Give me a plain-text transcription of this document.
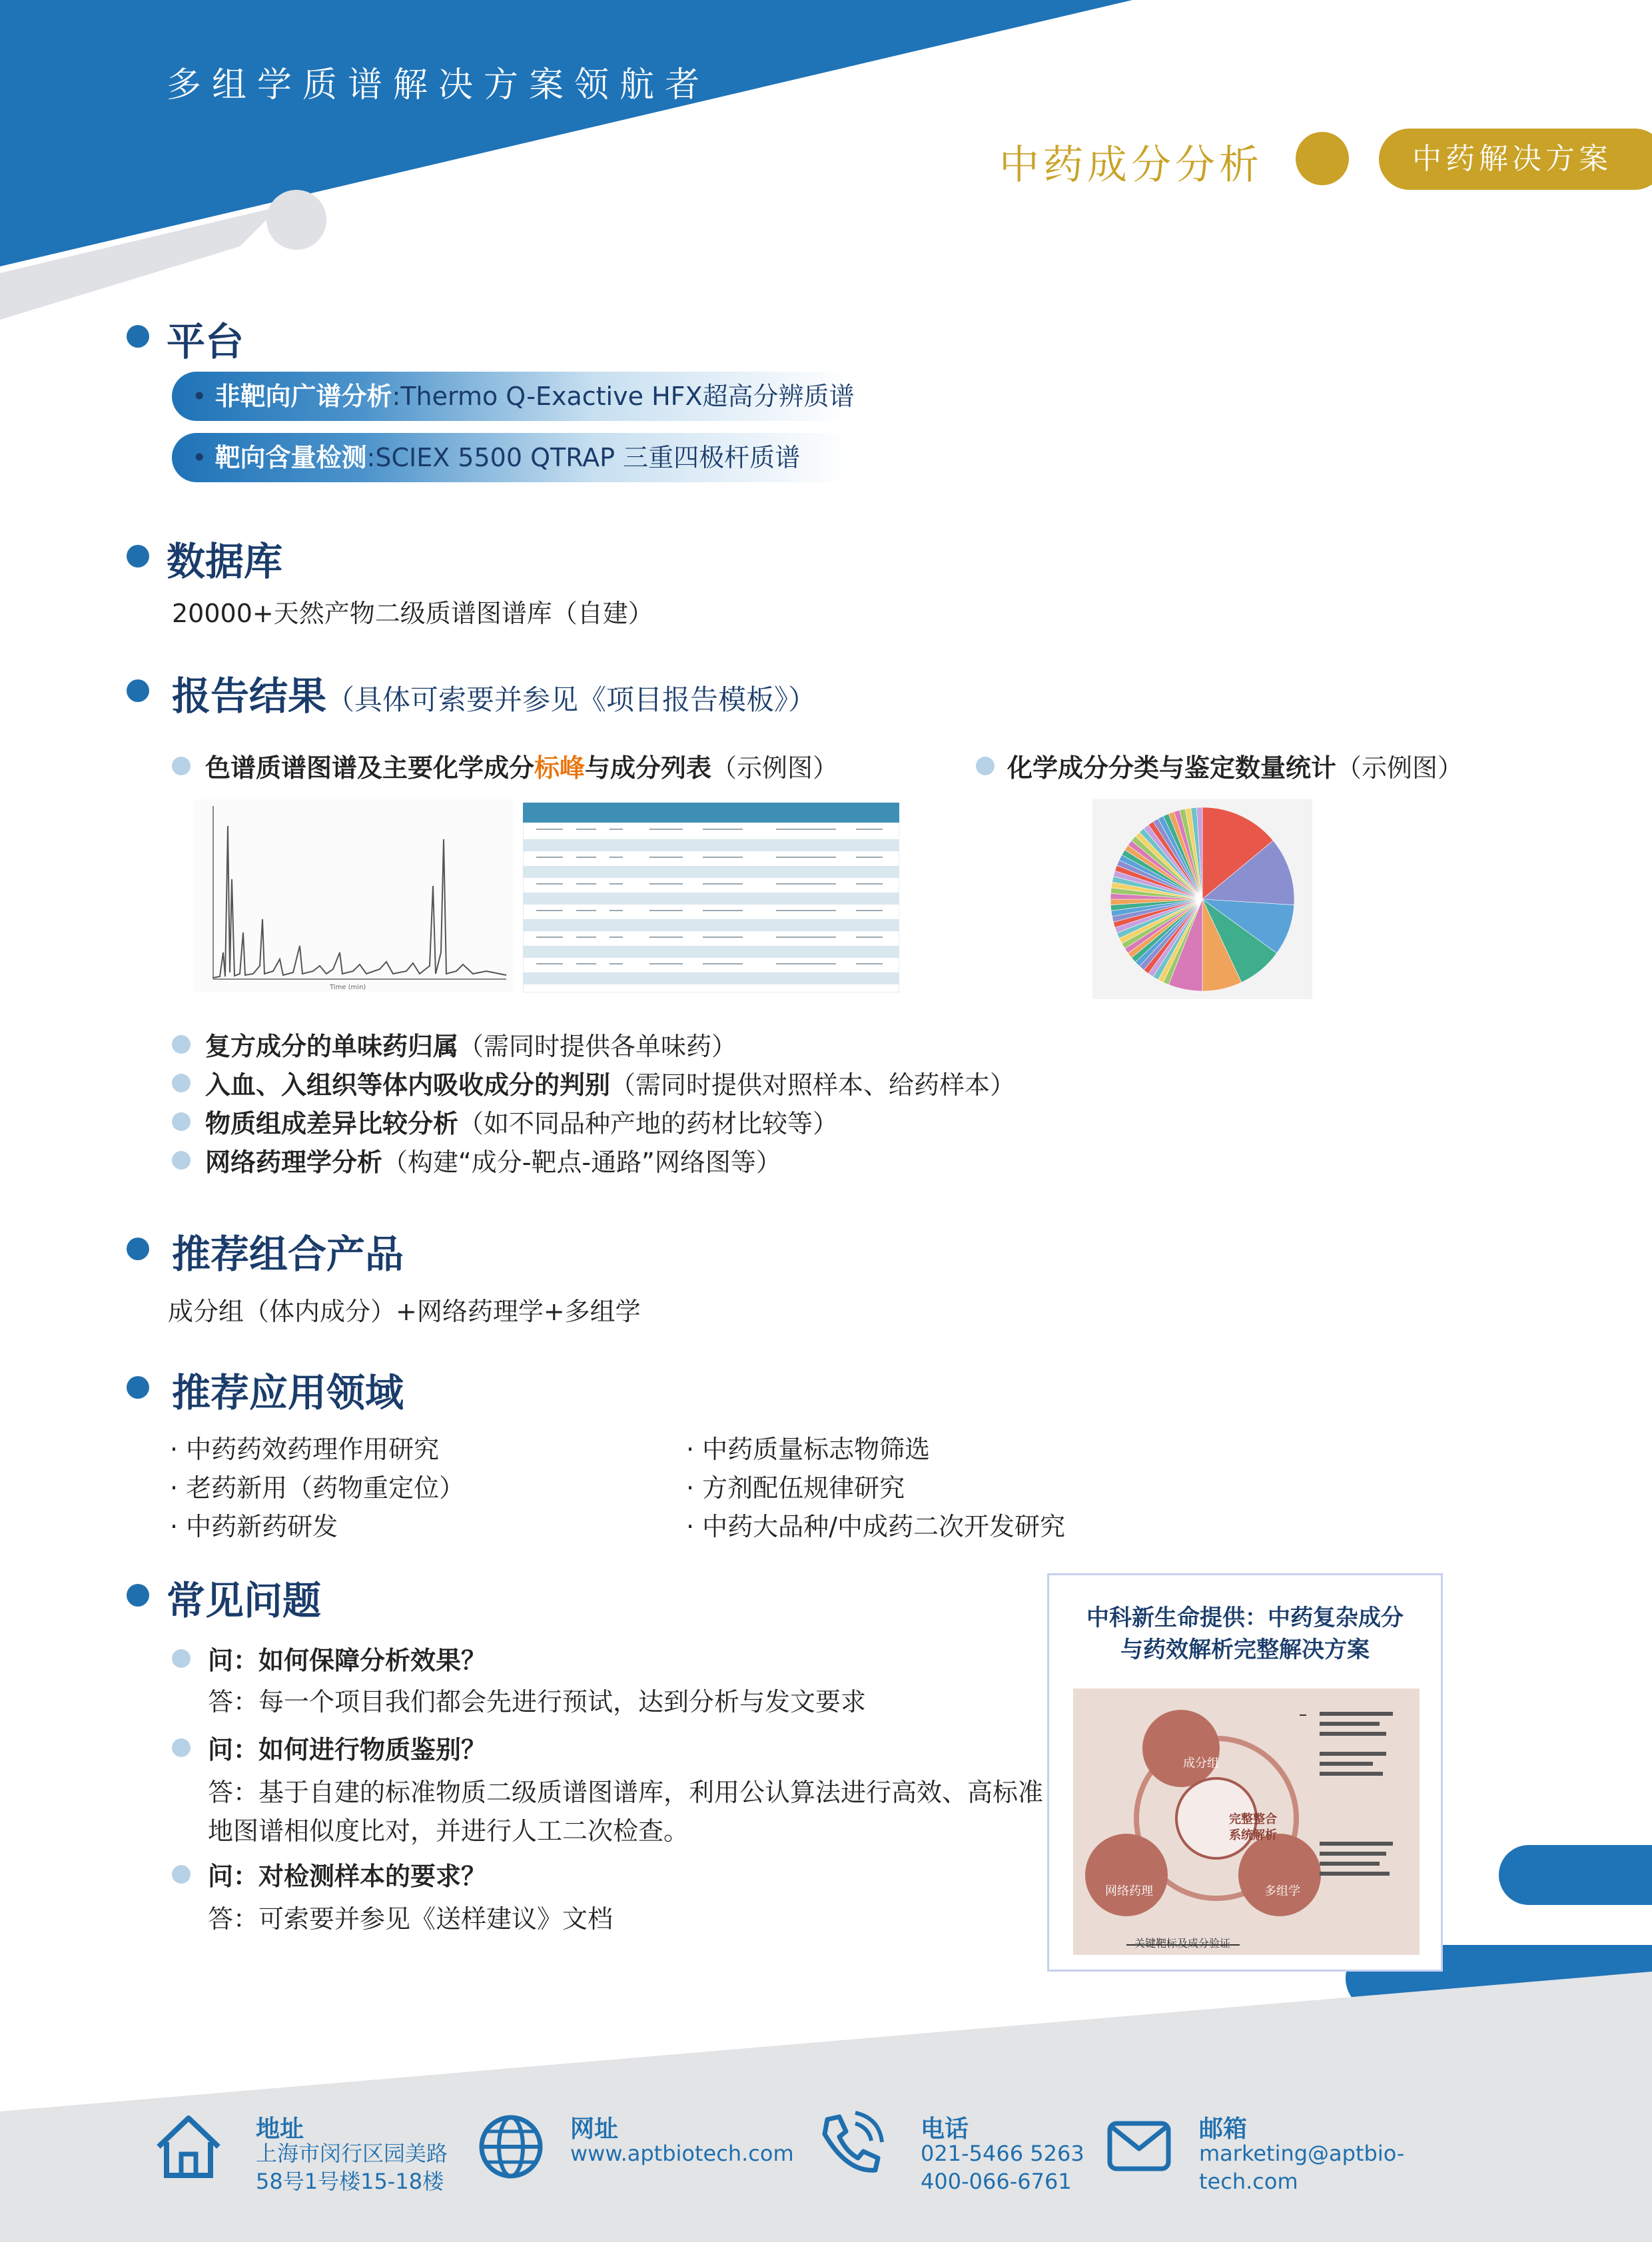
多组学质谱解决方案领航者
中药成分分析	中药解决方案
平台
• 非靶向广谱分析:Thermo Q-Exactive HFX超高分辨质谱
• 靶向含量检测:SCIEX 5500 QTRAP 三重四极杆质谱
数据库
20000+天然产物二级质谱图谱库（自建）
报告结果（具体可索要并参见《项目报告模板》）
色谱质谱图谱及主要化学成分标峰与成分列表（示例图）	化学成分分类与鉴定数量统计（示例图）
Time (min)
复方成分的单味药归属（需同时提供各单味药）
入血、入组织等体内吸收成分的判别（需同时提供对照样本、给药样本）
物质组成差异比较分析（如不同品种产地的药材比较等）
网络药理学分析（构建“成分-靶点-通路”网络图等）
推荐组合产品
成分组（体内成分）+网络药理学+多组学
推荐应用领域
· 中药药效药理作用研究
· 老药新用（药物重定位）
· 中药新药研发
· 中药质量标志物筛选
· 方剂配伍规律研究
· 中药大品种/中成药二次开发研究
常见问题
问：如何保障分析效果？
答：每一个项目我们都会先进行预试，达到分析与发文要求
问：如何进行物质鉴别？
答：基于自建的标准物质二级质谱图谱库，利用公认算法进行高效、高标准
地图谱相似度比对，并进行人工二次检查。
问：对检测样本的要求？
答：可索要并参见《送样建议》文档
中科新生命提供：中药复杂成分
与药效解析完整解决方案
完整整合
系统解析
成分组
网络药理	多组学
关键靶标及成分验证
地址
上海市闵行区园美路
58号1号楼15-18楼
网址
www.aptbiotech.com
电话
021-5466 5263
400-066-6761
邮箱
marketing@aptbio-
tech.com
